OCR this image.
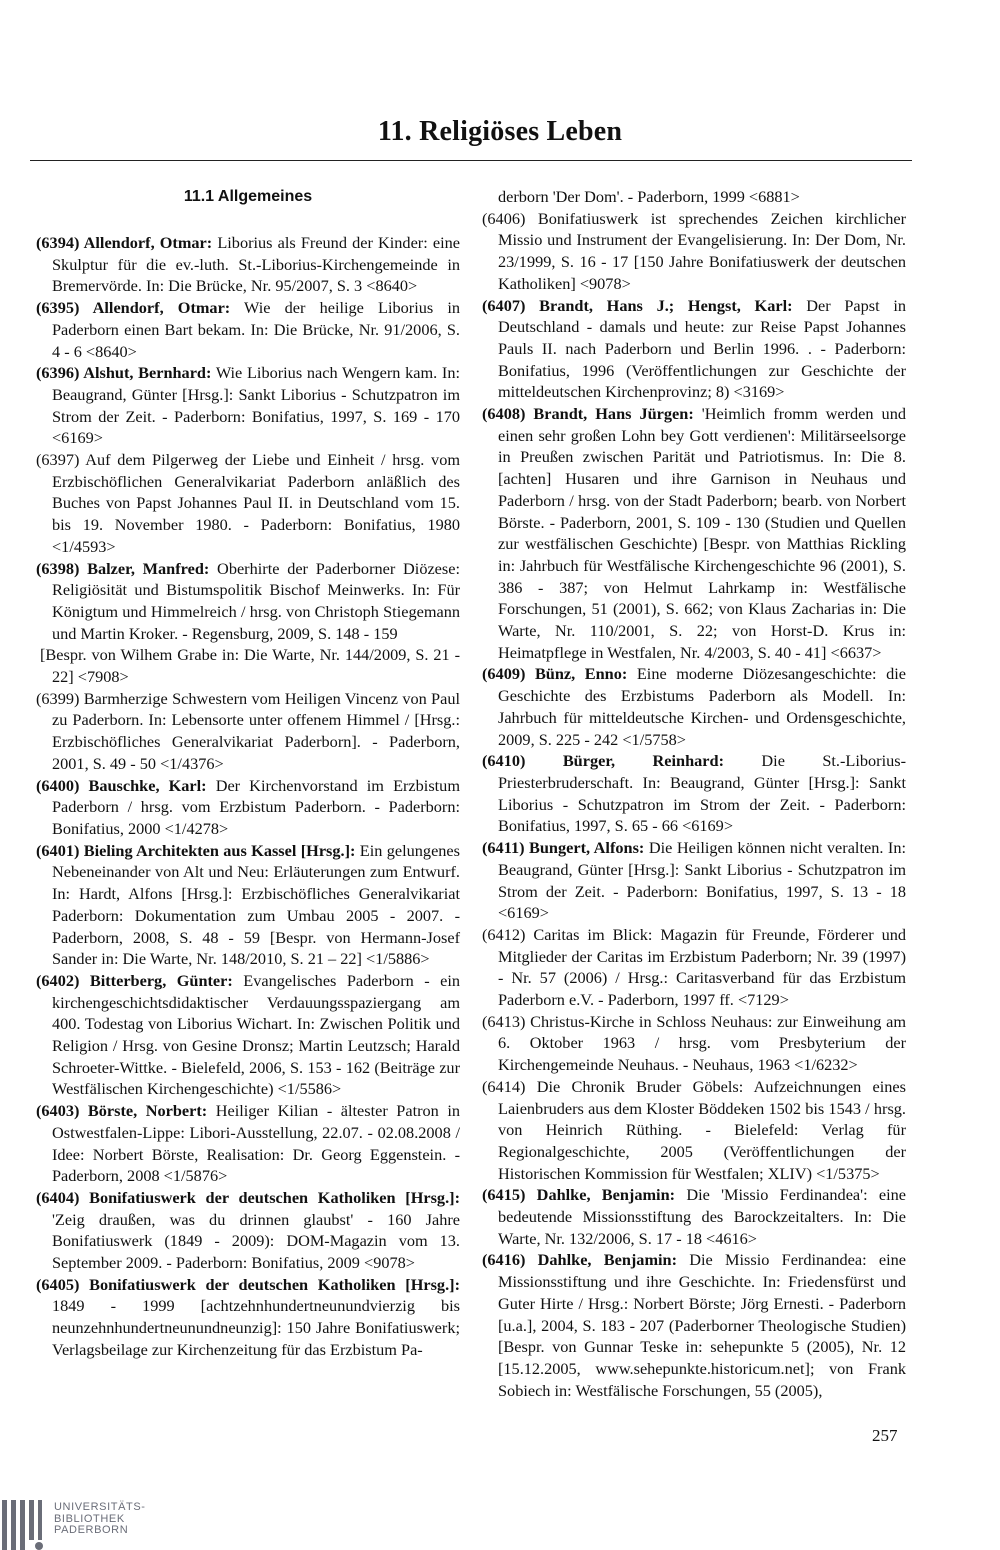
11. Religiöses Leben
11.1 Allgemeines

(6394) Allendorf, Otmar: Liborius als Freund der Kinder: eine Skulptur für die ev.-luth. St.-Liborius-Kirchengemeinde in Bremervörde. In: Die Brücke, Nr. 95/2007, S. 3 <8640>

(6395) Allendorf, Otmar: Wie der heilige Liborius in Paderborn einen Bart bekam. In: Die Brücke, Nr. 91/2006, S. 4 - 6 <8640>

(6396) Alshut, Bernhard: Wie Liborius nach Wengern kam. In: Beaugrand, Günter [Hrsg.]: Sankt Liborius - Schutzpatron im Strom der Zeit. - Paderborn: Bonifatius, 1997, S. 169 - 170 <6169>

(6397) Auf dem Pilgerweg der Liebe und Einheit / hrsg. vom Erzbischöflichen Generalvikariat Paderborn anläßlich des Buches von Papst Johannes Paul II. in Deutschland vom 15. bis 19. November 1980. - Paderborn: Bonifatius, 1980 <1/4593>

(6398) Balzer, Manfred: Oberhirte der Paderborner Diözese: Religiösität und Bistumspolitik Bischof Meinwerks. In: Für Königtum und Himmelreich / hrsg. von Christoph Stiegemann und Martin Kroker. - Regensburg, 2009, S. 148 - 159

[Bespr. von Wilhem Grabe in: Die Warte, Nr. 144/2009, S. 21 - 22] <7908>

(6399) Barmherzige Schwestern vom Heiligen Vincenz von Paul zu Paderborn. In: Lebensorte unter offenem Himmel / [Hrsg.: Erzbischöfliches Generalvikariat Paderborn]. - Paderborn, 2001, S. 49 - 50 <1/4376>

(6400) Bauschke, Karl: Der Kirchenvorstand im Erzbistum Paderborn / hrsg. vom Erzbistum Paderborn. - Paderborn: Bonifatius, 2000 <1/4278>

(6401) Bieling Architekten aus Kassel [Hrsg.]: Ein gelungenes Nebeneinander von Alt und Neu: Erläuterungen zum Entwurf. In: Hardt, Alfons [Hrsg.]: Erzbischöfliches Generalvikariat Paderborn: Dokumentation zum Umbau 2005 - 2007. - Paderborn, 2008, S. 48 - 59 [Bespr. von Hermann-Josef Sander in: Die Warte, Nr. 148/2010, S. 21 – 22] <1/5886>

(6402) Bitterberg, Günter: Evangelisches Paderborn - ein kirchengeschichtsdidaktischer Verdauungsspaziergang am 400. Todestag von Liborius Wichart. In: Zwischen Politik und Religion / Hrsg. von Gesine Dronsz; Martin Leutzsch; Harald Schroeter-Wittke. - Bielefeld, 2006, S. 153 - 162 (Beiträge zur Westfälischen Kirchengeschichte) <1/5586>

(6403) Börste, Norbert: Heiliger Kilian - ältester Patron in Ostwestfalen-Lippe: Libori-Ausstellung, 22.07. - 02.08.2008 / Idee: Norbert Börste, Realisation: Dr. Georg Eggenstein. - Paderborn, 2008 <1/5876>

(6404) Bonifatiuswerk der deutschen Katholiken [Hrsg.]: 'Zeig draußen, was du drinnen glaubst' - 160 Jahre Bonifatiuswerk (1849 - 2009): DOM-Magazin vom 13. September 2009. - Paderborn: Bonifatius, 2009 <9078>

(6405) Bonifatiuswerk der deutschen Katholiken [Hrsg.]: 1849 - 1999 [achtzehnhundertneunundvierzig bis neunzehnhundertneunundneunzig]: 150 Jahre Bonifatiuswerk; Verlagsbeilage zur Kirchenzeitung für das Erzbistum Pa-

derborn 'Der Dom'. - Paderborn, 1999 <6881>

(6406) Bonifatiuswerk ist sprechendes Zeichen kirchlicher Missio und Instrument der Evangelisierung. In: Der Dom, Nr. 23/1999, S. 16 - 17 [150 Jahre Bonifatiuswerk der deutschen Katholiken] <9078>

(6407) Brandt, Hans J.; Hengst, Karl: Der Papst in Deutschland - damals und heute: zur Reise Papst Johannes Pauls II. nach Paderborn und Berlin 1996. . - Paderborn: Bonifatius, 1996 (Veröffentlichungen zur Geschichte der mitteldeutschen Kirchenprovinz; 8) <3169>

(6408) Brandt, Hans Jürgen: 'Heimlich fromm werden und einen sehr großen Lohn bey Gott verdienen': Militärseelsorge in Preußen zwischen Parität und Patriotismus. In: Die 8. [achten] Husaren und ihre Garnison in Neuhaus und Paderborn / hrsg. von der Stadt Paderborn; bearb. von Norbert Börste. - Paderborn, 2001, S. 109 - 130 (Studien und Quellen zur westfälischen Geschichte) [Bespr. von Matthias Rickling in: Jahrbuch für Westfälische Kirchengeschichte 96 (2001), S. 386 - 387; von Helmut Lahrkamp in: Westfälische Forschungen, 51 (2001), S. 662; von Klaus Zacharias in: Die Warte, Nr. 110/2001, S. 22; von Horst-D. Krus in: Heimatpflege in Westfalen, Nr. 4/2003, S. 40 - 41] <6637>

(6409) Bünz, Enno: Eine moderne Diözesangeschichte: die Geschichte des Erzbistums Paderborn als Modell. In: Jahrbuch für mitteldeutsche Kirchen- und Ordensgeschichte, 2009, S. 225 - 242 <1/5758>

(6410) Bürger, Reinhard: Die St.-Liborius-Priesterbruderschaft. In: Beaugrand, Günter [Hrsg.]: Sankt Liborius - Schutzpatron im Strom der Zeit. - Paderborn: Bonifatius, 1997, S. 65 - 66 <6169>

(6411) Bungert, Alfons: Die Heiligen können nicht veralten. In: Beaugrand, Günter [Hrsg.]: Sankt Liborius - Schutzpatron im Strom der Zeit. - Paderborn: Bonifatius, 1997, S. 13 - 18 <6169>

(6412) Caritas im Blick: Magazin für Freunde, Förderer und Mitglieder der Caritas im Erzbistum Paderborn; Nr. 39 (1997) - Nr. 57 (2006) / Hrsg.: Caritasverband für das Erzbistum Paderborn e.V. - Paderborn, 1997 ff. <7129>

(6413) Christus-Kirche in Schloss Neuhaus: zur Einweihung am 6. Oktober 1963 / hrsg. vom Presbyterium der Kirchengemeinde Neuhaus. - Neuhaus, 1963 <1/6232>

(6414) Die Chronik Bruder Göbels: Aufzeichnungen eines Laienbruders aus dem Kloster Böddeken 1502 bis 1543 / hrsg. von Heinrich Rüthing. - Bielefeld: Verlag für Regionalgeschichte, 2005 (Veröffentlichungen der Historischen Kommission für Westfalen; XLIV) <1/5375>

(6415) Dahlke, Benjamin: Die 'Missio Ferdinandea': eine bedeutende Missionsstiftung des Barockzeitalters. In: Die Warte, Nr. 132/2006, S. 17 - 18 <4616>

(6416) Dahlke, Benjamin: Die Missio Ferdinandea: eine Missionsstiftung und ihre Geschichte. In: Friedensfürst und Guter Hirte / Hrsg.: Norbert Börste; Jörg Ernesti. - Paderborn [u.a.], 2004, S. 183 - 207 (Paderborner Theologische Studien) [Bespr. von Gunnar Teske in: sehepunkte 5 (2005), Nr. 12 [15.12.2005, www.sehepunkte.historicum.net]; von Frank Sobiech in: Westfälische Forschungen, 55 (2005),

257
UNIVERSITÄTS-
BIBLIOTHEK
PADERBORN
